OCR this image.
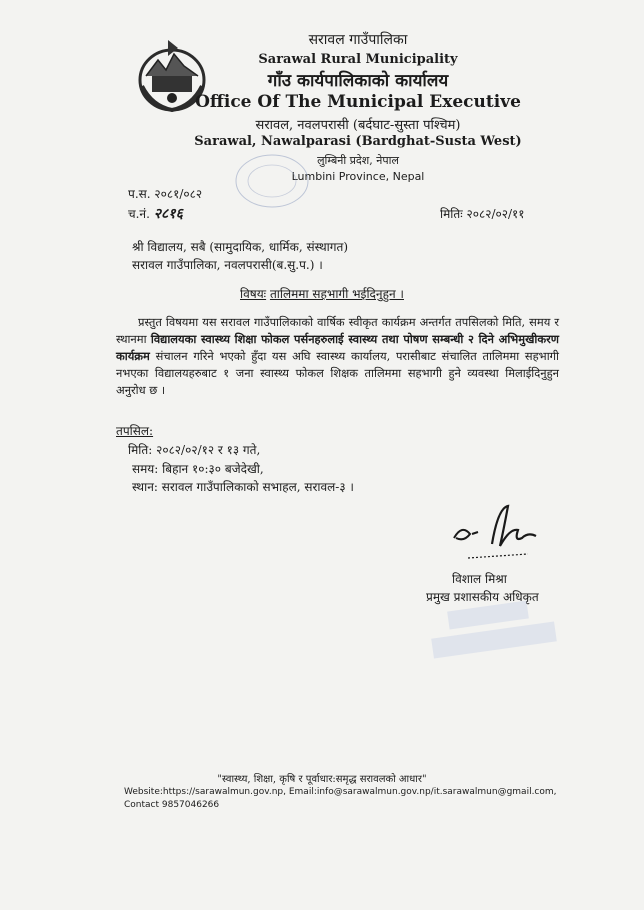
सरावल गाउँपालिका
Sarawal Rural Municipality
गाँउ कार्यपालिकाको कार्यालय
Office Of The Municipal Executive
सरावल, नवलपरासी (बर्दघाट-सुस्ता पश्चिम)
Sarawal, Nawalparasi (Bardghat-Susta West)
लुम्बिनी प्रदेश, नेपाल
Lumbini Province, Nepal
प.स. २०८१/०८२
च.नं. २८१६	मितिः २०८२/०२/११
श्री विद्यालय, सबै (सामुदायिक, धार्मिक, संस्थागत)
सरावल गाउँपालिका, नवलपरासी(ब.सु.प.) ।
विषयः तालिममा सहभागी भईदिनुहुन ।

प्रस्तुत विषयमा यस सरावल गाउँपालिकाको वार्षिक स्वीकृत कार्यक्रम अन्तर्गत तपसिलको मिति, समय र स्थानमा विद्यालयका स्वास्थ्य शिक्षा फोकल पर्सनहरुलाई स्वास्थ्य तथा पोषण सम्बन्धी २ दिने अभिमुखीकरण कार्यक्रम संचालन गरिने भएको हुँदा यस अघि स्वास्थ्य कार्यालय, परासीबाट संचालित तालिममा सहभागी नभएका विद्यालयहरुबाट १ जना स्वास्थ्य फोकल शिक्षक तालिममा सहभागी हुने व्यवस्था मिलाईदिनुहुन अनुरोध छ ।

तपसिल:
मिति: २०८२/०२/१२ र १३ गते,
समय: बिहान १०:३० बजेदेखी,
स्थान: सरावल गाउँपालिकाको सभाहल, सरावल-३ ।
विशाल मिश्रा
प्रमुख प्रशासकीय अधिकृत
"स्वास्थ्य, शिक्षा, कृषि र पूर्वाधार:समृद्ध सरावलको आधार"
Website:https://sarawalmun.gov.np, Email:info@sarawalmun.gov.np/it.sarawalmun@gmail.com,
Contact 9857046266
